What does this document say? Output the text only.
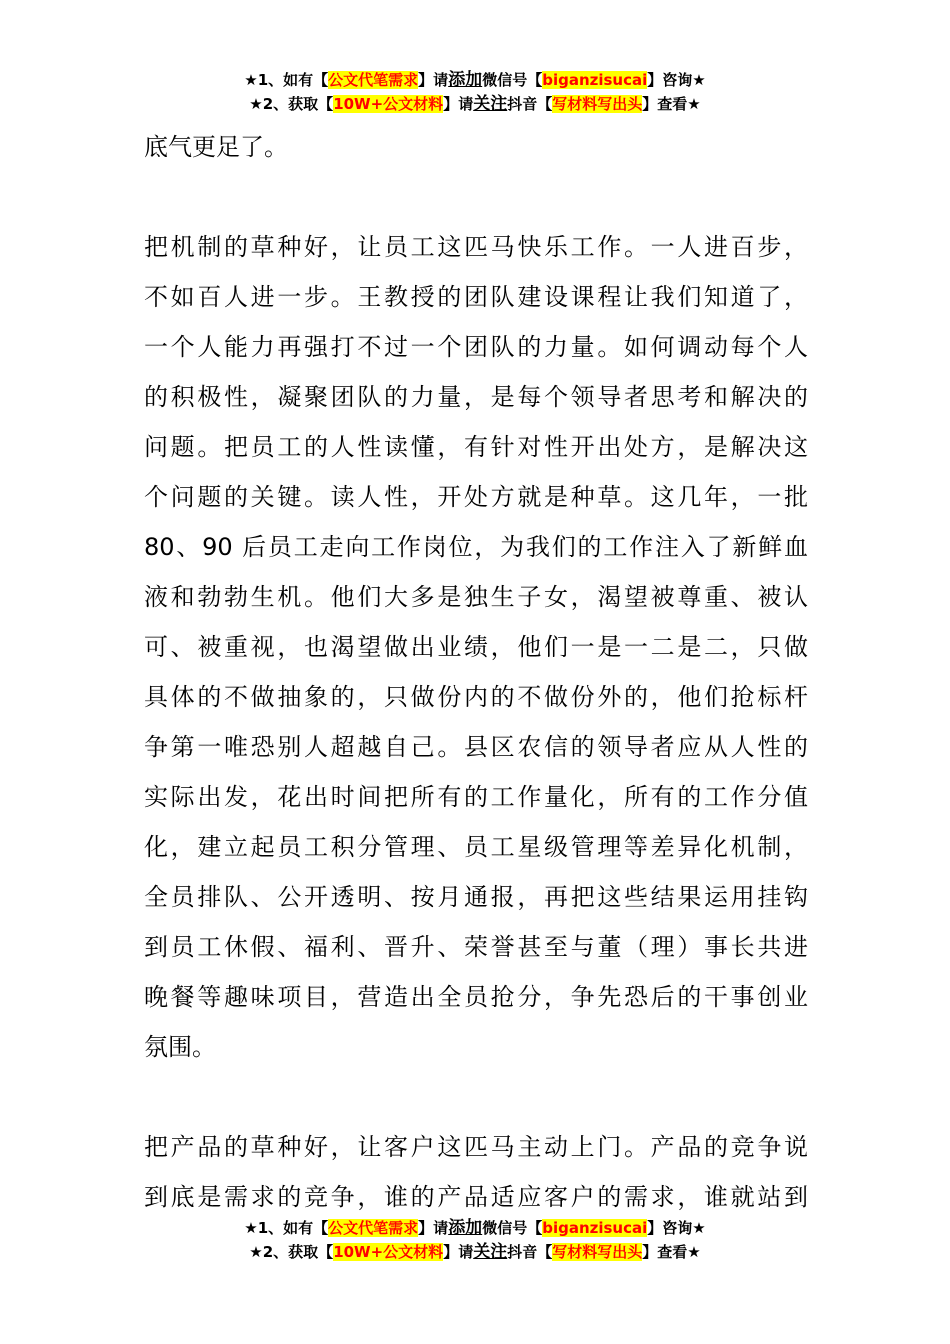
★1、如有【公文代笔需求】请添加微信号【biganzisucai】咨询★
★2、获取【10W+公文材料】请关注抖音【写材料写出头】查看★
底气更足了。
把机制的草种好，让员工这匹马快乐工作。一人进百步，
不如百人进一步。王教授的团队建设课程让我们知道了，
一个人能力再强打不过一个团队的力量。如何调动每个人
的积极性，凝聚团队的力量，是每个领导者思考和解决的
问题。把员工的人性读懂，有针对性开出处方，是解决这
个问题的关键。读人性，开处方就是种草。这几年，一批
80、90 后员工走向工作岗位，为我们的工作注入了新鲜血
液和勃勃生机。他们大多是独生子女，渴望被尊重、被认
可、被重视，也渴望做出业绩，他们一是一二是二，只做
具体的不做抽象的，只做份内的不做份外的，他们抢标杆
争第一唯恐别人超越自己。县区农信的领导者应从人性的
实际出发，花出时间把所有的工作量化，所有的工作分值
化，建立起员工积分管理、员工星级管理等差异化机制，
全员排队、公开透明、按月通报，再把这些结果运用挂钩
到员工休假、福利、晋升、荣誉甚至与董（理）事长共进
晚餐等趣味项目，营造出全员抢分，争先恐后的干事创业
氛围。
把产品的草种好，让客户这匹马主动上门。产品的竞争说
到底是需求的竞争，谁的产品适应客户的需求，谁就站到
★1、如有【公文代笔需求】请添加微信号【biganzisucai】咨询★
★2、获取【10W+公文材料】请关注抖音【写材料写出头】查看★
